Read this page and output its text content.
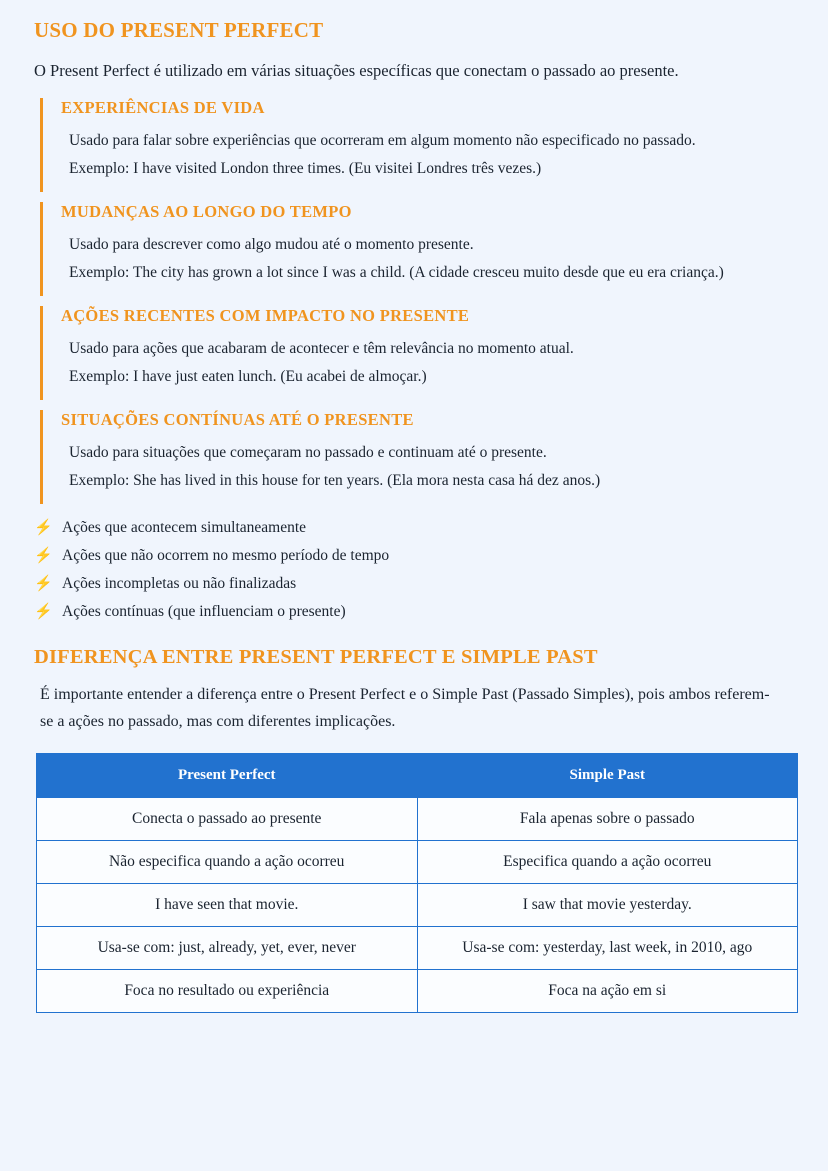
USO DO PRESENT PERFECT

O Present Perfect é utilizado em várias situações específicas que conectam o passado ao presente.

EXPERIÊNCIAS DE VIDA

Usado para falar sobre experiências que ocorreram em algum momento não especificado no passado.

Exemplo: I have visited London three times. (Eu visitei Londres três vezes.)

MUDANÇAS AO LONGO DO TEMPO

Usado para descrever como algo mudou até o momento presente.

Exemplo: The city has grown a lot since I was a child. (A cidade cresceu muito desde que eu era criança.)

AÇÕES RECENTES COM IMPACTO NO PRESENTE

Usado para ações que acabaram de acontecer e têm relevância no momento atual.

Exemplo: I have just eaten lunch. (Eu acabei de almoçar.)

SITUAÇÕES CONTÍNUAS ATÉ O PRESENTE

Usado para situações que começaram no passado e continuam até o presente.

Exemplo: She has lived in this house for ten years. (Ela mora nesta casa há dez anos.)

⚡ Ações que acontecem simultaneamente
⚡ Ações que não ocorrem no mesmo período de tempo
⚡ Ações incompletas ou não finalizadas
⚡ Ações contínuas (que influenciam o presente)
DIFERENÇA ENTRE PRESENT PERFECT E SIMPLE PAST

É importante entender a diferença entre o Present Perfect e o Simple Past (Passado Simples), pois ambos referem-se a ações no passado, mas com diferentes implicações.

Present Perfect	Simple Past
Conecta o passado ao presente	Fala apenas sobre o passado
Não especifica quando a ação ocorreu	Especifica quando a ação ocorreu
I have seen that movie.	I saw that movie yesterday.
Usa-se com: just, already, yet, ever, never	Usa-se com: yesterday, last week, in 2010, ago
Foca no resultado ou experiência	Foca na ação em si
